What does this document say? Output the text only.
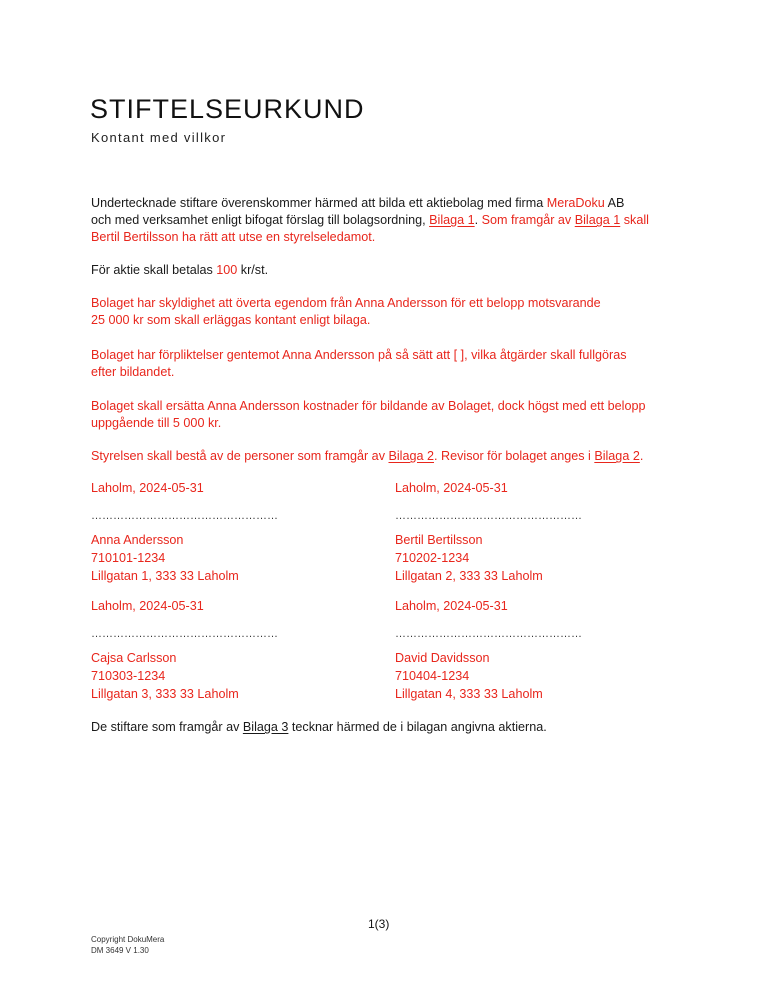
STIFTELSEURKUND
Kontant med villkor
Undertecknade stiftare överenskommer härmed att bilda ett aktiebolag med firma MeraDoku AB
och med verksamhet enligt bifogat förslag till bolagsordning, Bilaga 1. Som framgår av Bilaga 1 skall
Bertil Bertilsson ha rätt att utse en styrelseledamot.
För aktie skall betalas 100 kr/st.
Bolaget har skyldighet att överta egendom från Anna Andersson för ett belopp motsvarande
25 000 kr som skall erläggas kontant enligt bilaga.
Bolaget har förpliktelser gentemot Anna Andersson på så sätt att [ ], vilka åtgärder skall fullgöras
efter bildandet.
Bolaget skall ersätta Anna Andersson kostnader för bildande av Bolaget, dock högst med ett belopp
uppgående till 5 000 kr.
Styrelsen skall bestå av de personer som framgår av Bilaga 2. Revisor för bolaget anges i Bilaga 2.
Laholm, 2024-05-31
……………………………………………
Anna Andersson
710101-1234
Lillgatan 1, 333 33 Laholm
Laholm, 2024-05-31
……………………………………………
Bertil Bertilsson
710202-1234
Lillgatan 2, 333 33 Laholm
Laholm, 2024-05-31
……………………………………………
Cajsa Carlsson
710303-1234
Lillgatan 3, 333 33 Laholm
Laholm, 2024-05-31
……………………………………………
David Davidsson
710404-1234
Lillgatan 4, 333 33 Laholm
De stiftare som framgår av Bilaga 3 tecknar härmed de i bilagan angivna aktierna.
1(3)
Copyright DokuMera
DM 3649 V 1.30
